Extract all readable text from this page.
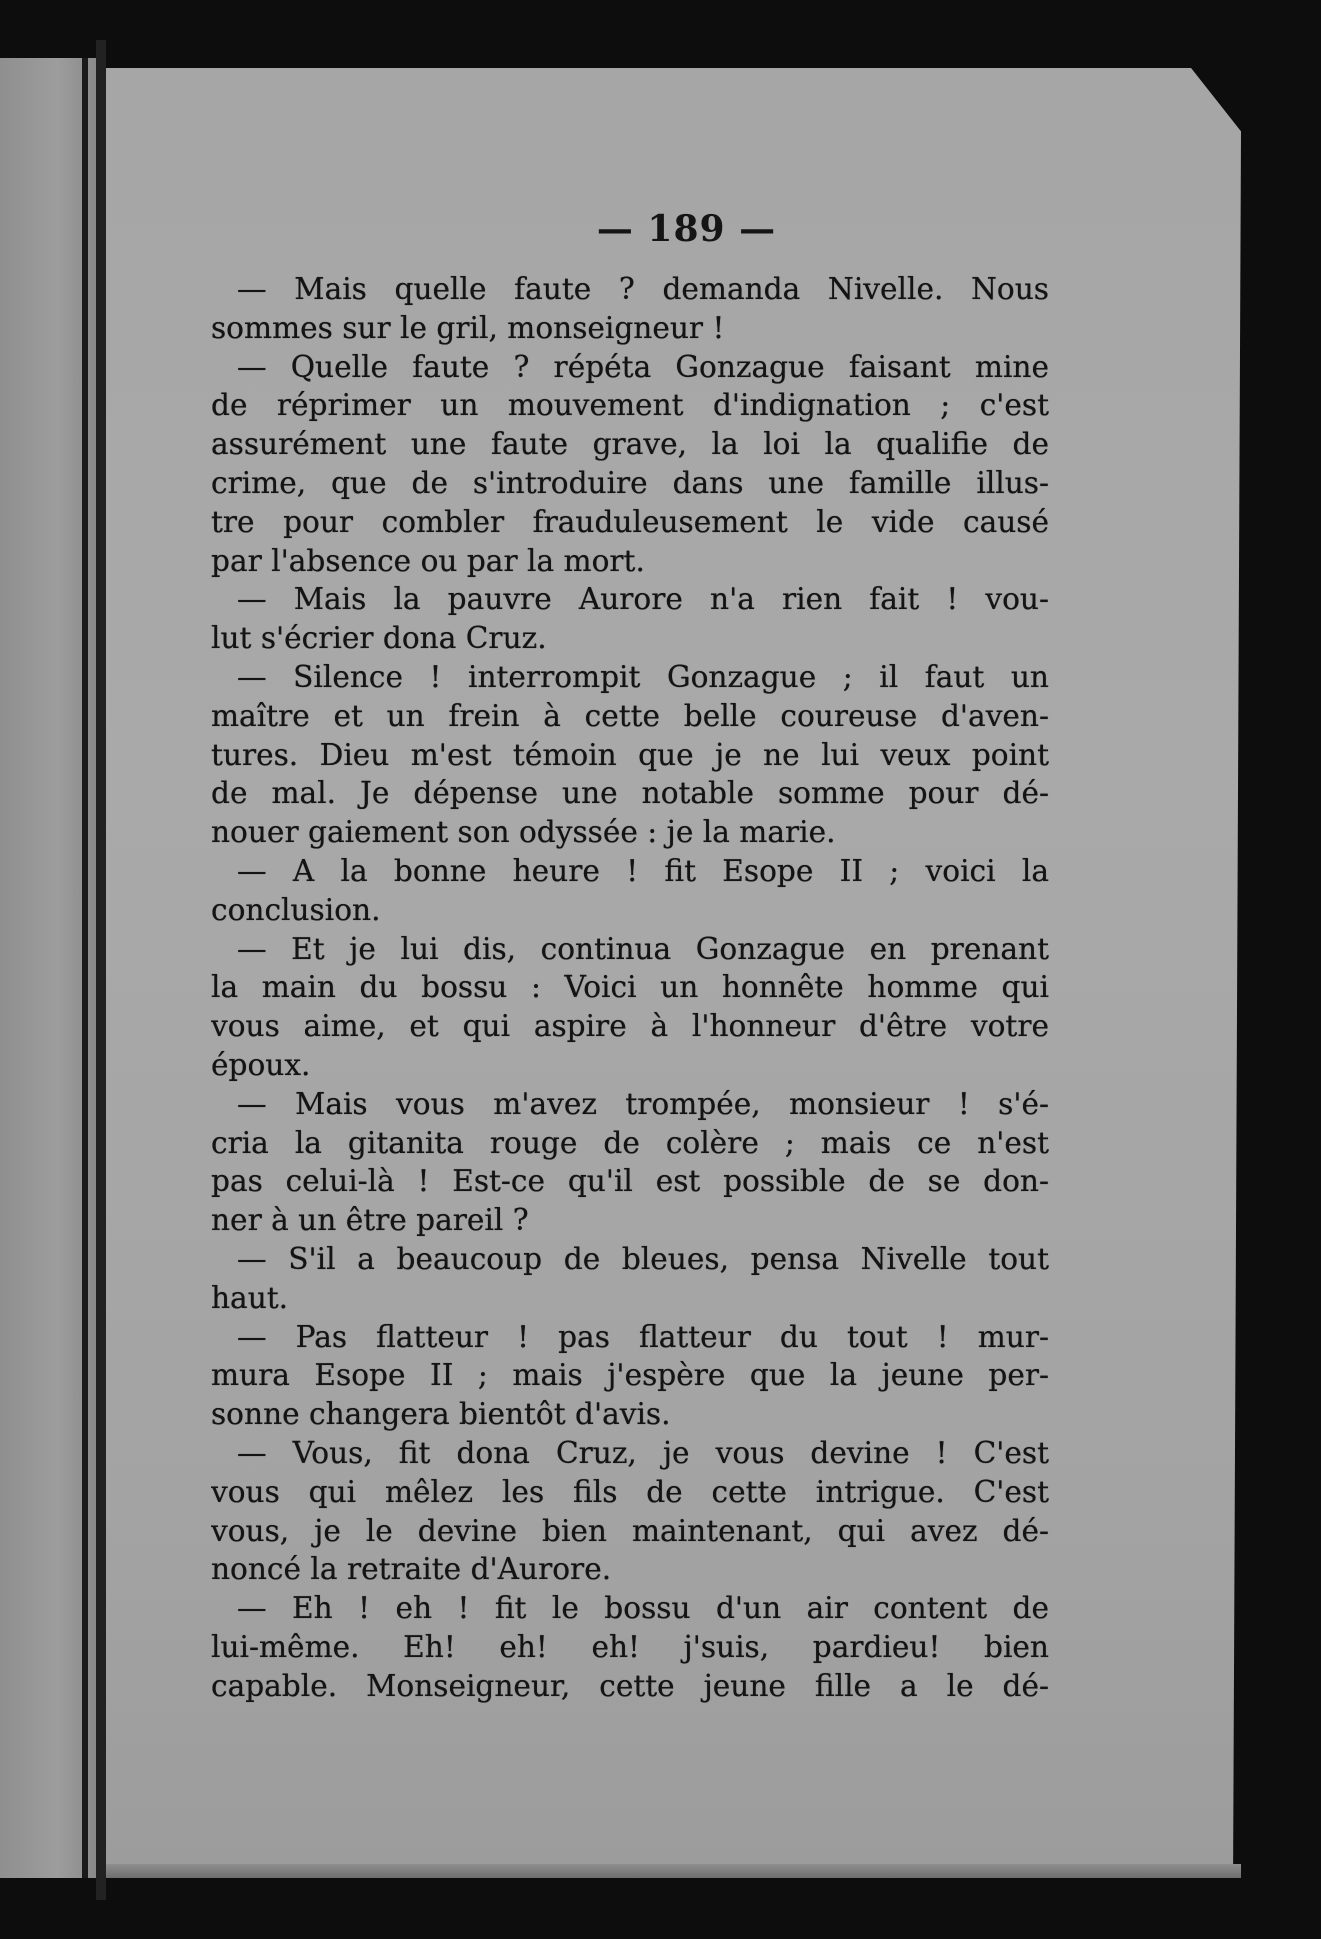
— 189 —
— Mais quelle faute ? demanda Nivelle. Nous
sommes sur le gril, monseigneur !
— Quelle faute ? répéta Gonzague faisant mine
de réprimer un mouvement d'indignation ; c'est
assurément une faute grave, la loi la qualifie de
crime, que de s'introduire dans une famille illus-
tre pour combler frauduleusement le vide causé
par l'absence ou par la mort.
— Mais la pauvre Aurore n'a rien fait ! vou-
lut s'écrier dona Cruz.
— Silence ! interrompit Gonzague ; il faut un
maître et un frein à cette belle coureuse d'aven-
tures. Dieu m'est témoin que je ne lui veux point
de mal. Je dépense une notable somme pour dé-
nouer gaiement son odyssée : je la marie.
— A la bonne heure ! fit Esope II ; voici la
conclusion.
— Et je lui dis, continua Gonzague en prenant
la main du bossu : Voici un honnête homme qui
vous aime, et qui aspire à l'honneur d'être votre
époux.
— Mais vous m'avez trompée, monsieur ! s'é-
cria la gitanita rouge de colère ; mais ce n'est
pas celui-là ! Est-ce qu'il est possible de se don-
ner à un être pareil ?
— S'il a beaucoup de bleues, pensa Nivelle tout
haut.
— Pas flatteur ! pas flatteur du tout ! mur-
mura Esope II ; mais j'espère que la jeune per-
sonne changera bientôt d'avis.
— Vous, fit dona Cruz, je vous devine ! C'est
vous qui mêlez les fils de cette intrigue. C'est
vous, je le devine bien maintenant, qui avez dé-
noncé la retraite d'Aurore.
— Eh ! eh ! fit le bossu d'un air content de
lui-même. Eh! eh! eh! j'suis, pardieu! bien
capable. Monseigneur, cette jeune fille a le dé-
